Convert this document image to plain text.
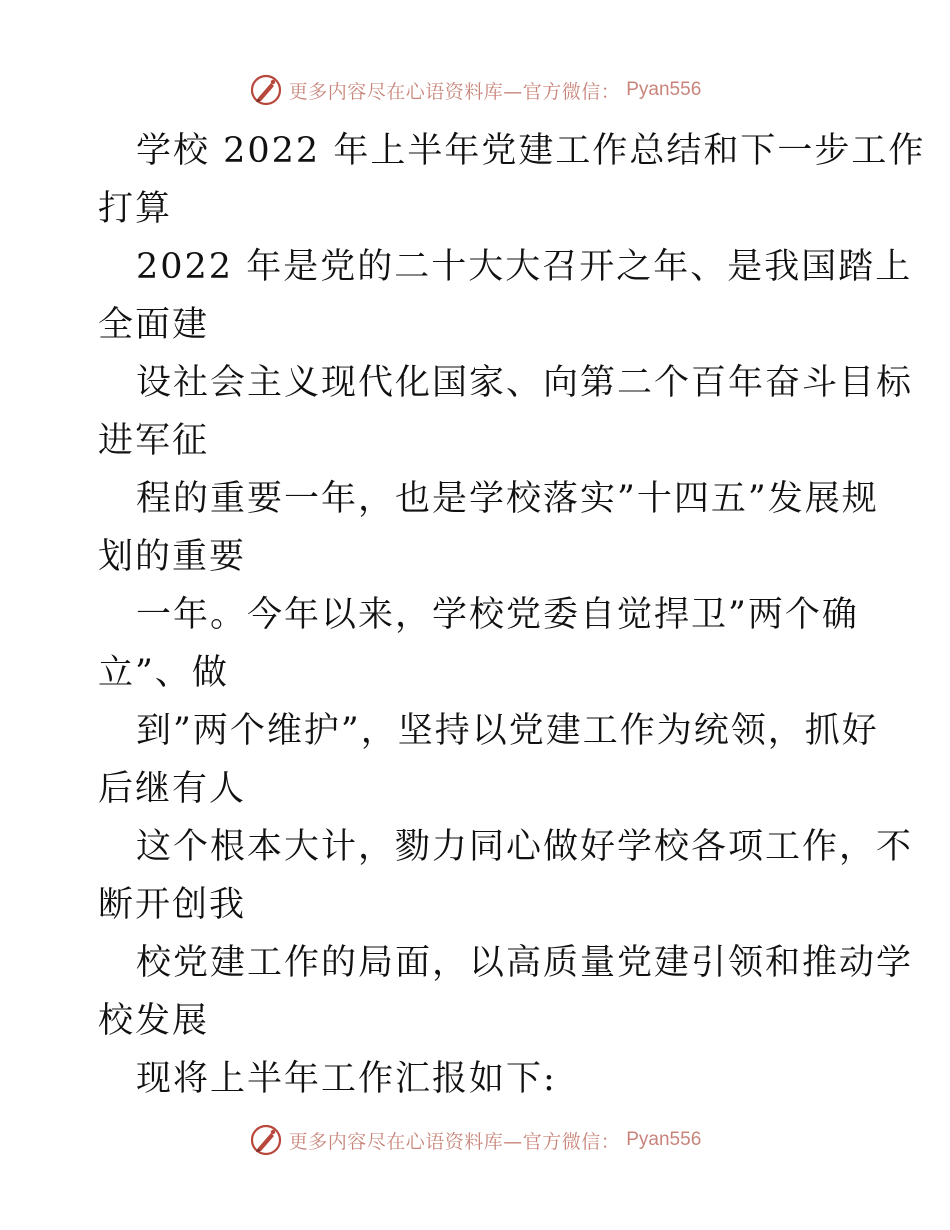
更多内容尽在心语资料库—官方微信： Pyan556
学校 2022 年上半年党建工作总结和下一步工作
打算
2022 年是党的二十大大召开之年、是我国踏上
全面建
设社会主义现代化国家、向第二个百年奋斗目标
进军征
程的重要一年，也是学校落实”十四五”发展规
划的重要
一年。今年以来，学校党委自觉捍卫”两个确
立”、做
到”两个维护”，坚持以党建工作为统领，抓好
后继有人
这个根本大计，勠力同心做好学校各项工作，不
断开创我
校党建工作的局面，以高质量党建引领和推动学
校发展
现将上半年工作汇报如下:
更多内容尽在心语资料库—官方微信： Pyan556
